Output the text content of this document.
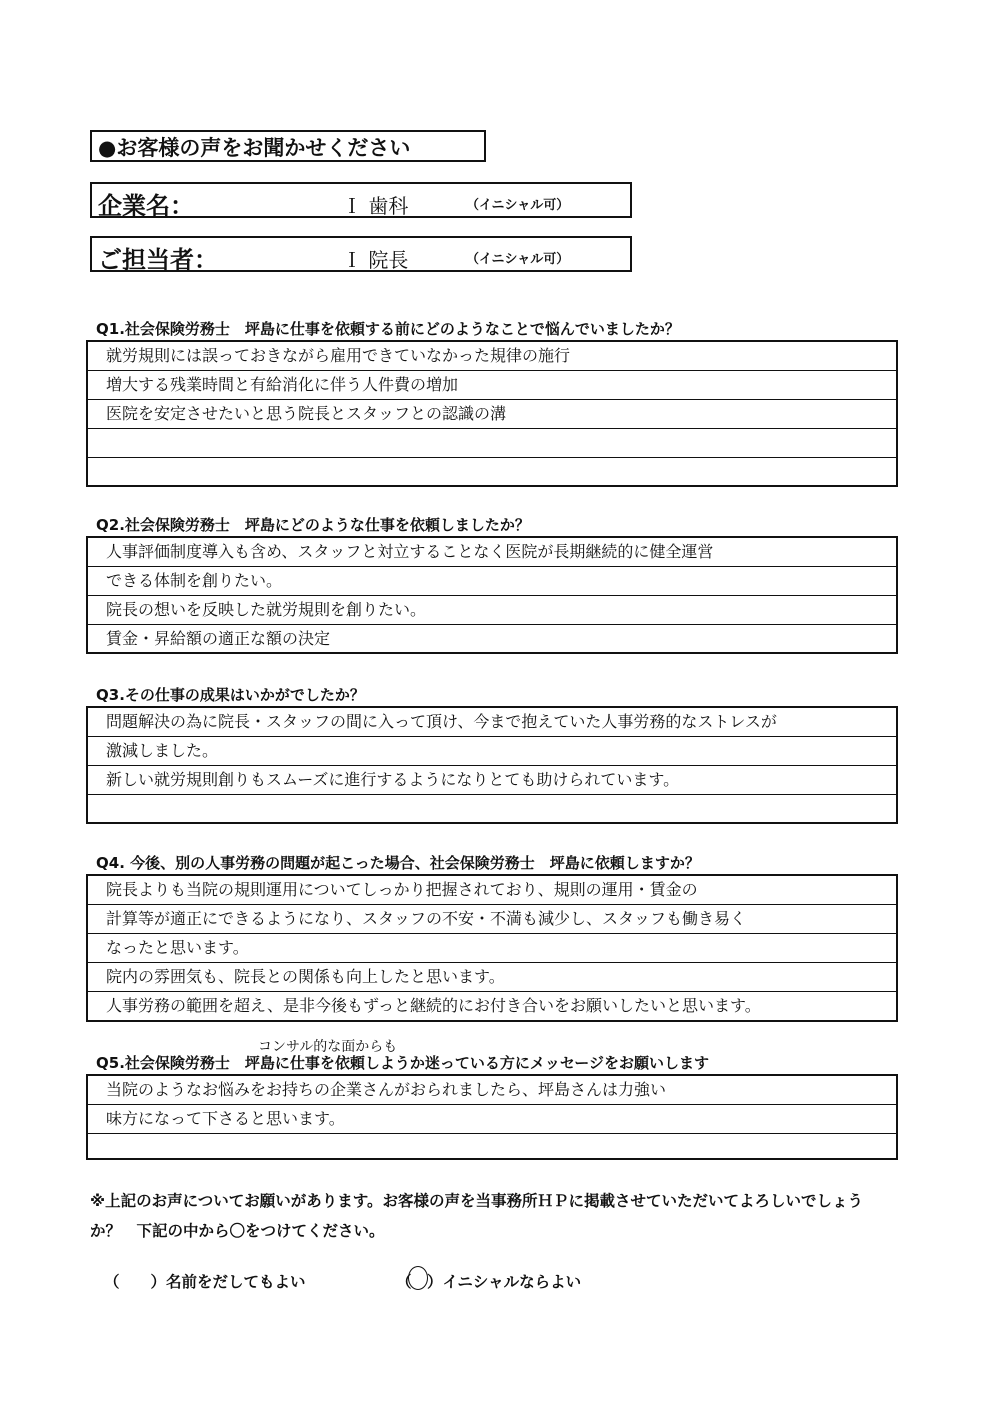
●お客様の声をお聞かせください
企業名：	Ｉ 歯科	（イニシャル可）
ご担当者：	Ｉ 院長	（イニシャル可）
Q1.社会保険労務士　坪島に仕事を依頼する前にどのようなことで悩んでいましたか？
就労規則には誤っておきながら雇用できていなかった規律の施行
増大する残業時間と有給消化に伴う人件費の増加
医院を安定させたいと思う院長とスタッフとの認識の溝
Q2.社会保険労務士　坪島にどのような仕事を依頼しましたか？
人事評価制度導入も含め、スタッフと対立することなく医院が長期継続的に健全運営
できる体制を創りたい。
院長の想いを反映した就労規則を創りたい。
賃金・昇給額の適正な額の決定
Q3.その仕事の成果はいかがでしたか？
問題解決の為に院長・スタッフの間に入って頂け、今まで抱えていた人事労務的なストレスが
激減しました。
新しい就労規則創りもスムーズに進行するようになりとても助けられています。
Q4. 今後、別の人事労務の問題が起こった場合、社会保険労務士　坪島に依頼しますか？
院長よりも当院の規則運用についてしっかり把握されており、規則の運用・賃金の
計算等が適正にできるようになり、スタッフの不安・不満も減少し、スタッフも働き易く
なったと思います。
院内の雰囲気も、院長との関係も向上したと思います。
人事労務の範囲を超え、是非今後もずっと継続的にお付き合いをお願いしたいと思います。
コンサル的な面からも
Q5.社会保険労務士　坪島に仕事を依頼しようか迷っている方にメッセージをお願いします
当院のようなお悩みをお持ちの企業さんがおられましたら、坪島さんは力強い
味方になって下さると思います。
※上記のお声についてお願いがあります。お客様の声を当事務所ＨＰに掲載させていただいてよろしいでしょうか？　下記の中から〇をつけてください。
（　　）名前をだしてもよい	（ ）イニシャルならよい
